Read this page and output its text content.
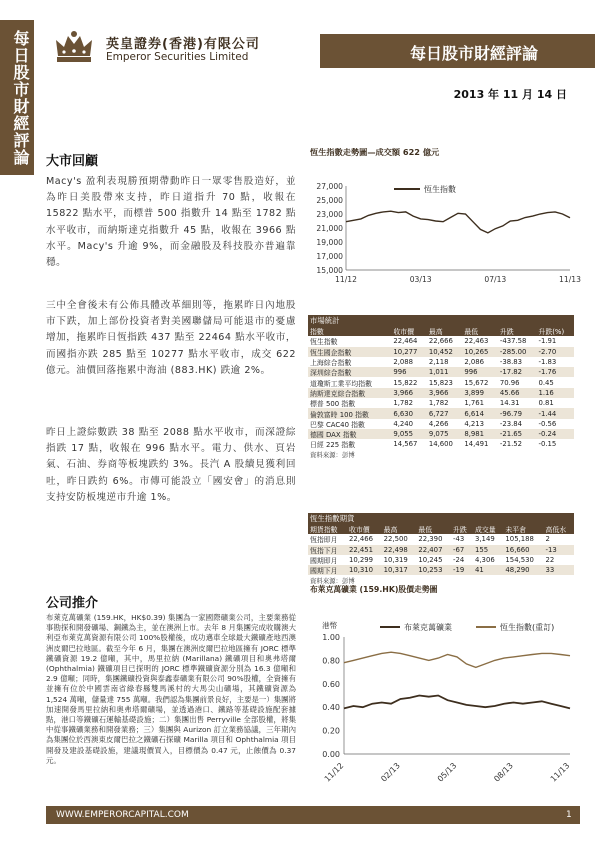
每日股市財經評論	英皇證券(香港)有限公司
Emperor Securities Limited	每日股市財經評論
2013 年 11 月 14 日
大市回顧
Macy's 盈利表現勝預期帶動昨日一眾零售股造好，並為昨日美股帶來支持，昨日道指升 70 點，收報在 15822 點水平，而標普 500 指數升 14 點至 1782 點水平收市，而納斯達克指數升 45 點，收報在 3966 點水平。Macy's 升逾 9%，而金融股及科技股亦普遍靠穩。
三中全會後未有公佈具體改革細則等，拖累昨日內地股市下跌，加上部份投資者對美國聯儲局可能退市的憂慮增加，拖累昨日恆指跌 437 點至 22464 點水平收市，而國指亦跌 285 點至 10277 點水平收市，成交 622 億元。油價回落拖累中海油 (883.HK) 跌逾 2%。
昨日上證綜數跌 38 點至 2088 點水平收市，而深證綜指跌 17 點，收報在 996 點水平。電力、供水、頁岩氣、石油、券商等板塊跌約 3%。長汽 A 股續見獲利回吐，昨日跌約 6%。市傳可能設立「國安會」的消息則支持安防板塊逆市升逾 1%。
恆生指數走勢圖—成交額 622 億元
15,000
17,000
19,000
21,000
23,000
25,000
27,000
11/12	03/13	07/13	11/13
恆生指數
市場統計					
指數	收市價	最高	最低	升跌	升跌(%)
恆生指數	22,464	22,666	22,463	-437.58	-1.91
恆生國企指數	10,277	10,452	10,265	-285.00	-2.70
上海綜合指數	2,088	2,118	2,086	-38.83	-1.83
深圳綜合指數	996	1,011	996	-17.82	-1.76
道瓊斯工業平均指數	15,822	15,823	15,672	70.96	0.45
納斯達克綜合指數	3,966	3,966	3,899	45.66	1.16
標普 500 指數	1,782	1,782	1,761	14.31	0.81
倫敦富時 100 指數	6,630	6,727	6,614	-96.79	-1.44
巴黎 CAC40 指數	4,240	4,266	4,213	-23.84	-0.56
德國 DAX 指數	9,055	9,075	8,981	-21.65	-0.24
日經 225 指數	14,567	14,600	14,491	-21.52	-0.15
資料來源：彭博					
恆生指數期貨							
期貨指數	收市價	最高	最低	升跌	成交量	未平倉	高低水
恆指即月	22,466	22,500	22,390	-43	3,149	105,188	2
恆指下月	22,451	22,498	22,407	-67	155	16,660	-13
國期即月	10,299	10,319	10,245	-24	4,306	154,530	22
國期下月	10,310	10,317	10,253	-19	41	48,290	33
資料來源：彭博							
布萊克萬礦業 (159.HK)股價走勢圖
港幣
0.00
0.20
0.40
0.60
0.80
1.00
11/12	02/13	05/13	08/13	11/13
布萊克萬礦業	恆生指數(重訂)
公司推介
布萊克萬礦業 (159.HK，HK$0.39) 集團為一家國際礦業公司，主要業務從事勘探和開發礦場、鋼鐵為主，並在澳洲上市。去年 8 月集團完成收購澳大利亞布萊克萬資源有限公司 100%股權後，成功邁車全球最大鐵礦產地西澳洲皮爾巴拉地區。截至今年 6 月，集團在澳洲皮爾巴拉地區擁有 JORC 標準鐵礦資源 19.2 億噸，其中，馬里拉納 (Marillana) 鐵礦項目和奧弗塔爾 (Ophthalmia) 鐵礦項目已探明的 JORC 標準鐵礦資源分別為 16.3 億噸和 2.9 億噸；同時，集團鐵礦投資與泰鑫泰礦業有限公司 90%股權，全資擁有並擁有位於中國雲南省綠春縣雙馬溪村的大馬尖山礦場，其鐵礦資源為 1,524 萬噸，儲量達 755 萬噸。我們認為集團前景良好，主要是一）集團將加速開發馬里拉納和奧弗塔爾礦場，並透過港口、鐵路等基礎設施配套據點，港口等鐵礦石運輸基礎設施；二）集團出售 Perryville 全部股權，將集中從事鐵礦業務和開發業務；三）集團與 Aurizon 訂立業務協議，三年期內為集團位於西澳東皮爾巴拉之鐵礦石探礦 Marilla 項目和 Ophthalmia 項目開發及建設基礎設施，建議現價買入，目標價為 0.47 元，止蝕價為 0.37 元。
WWW.EMPERORCAPITAL.COM	1
